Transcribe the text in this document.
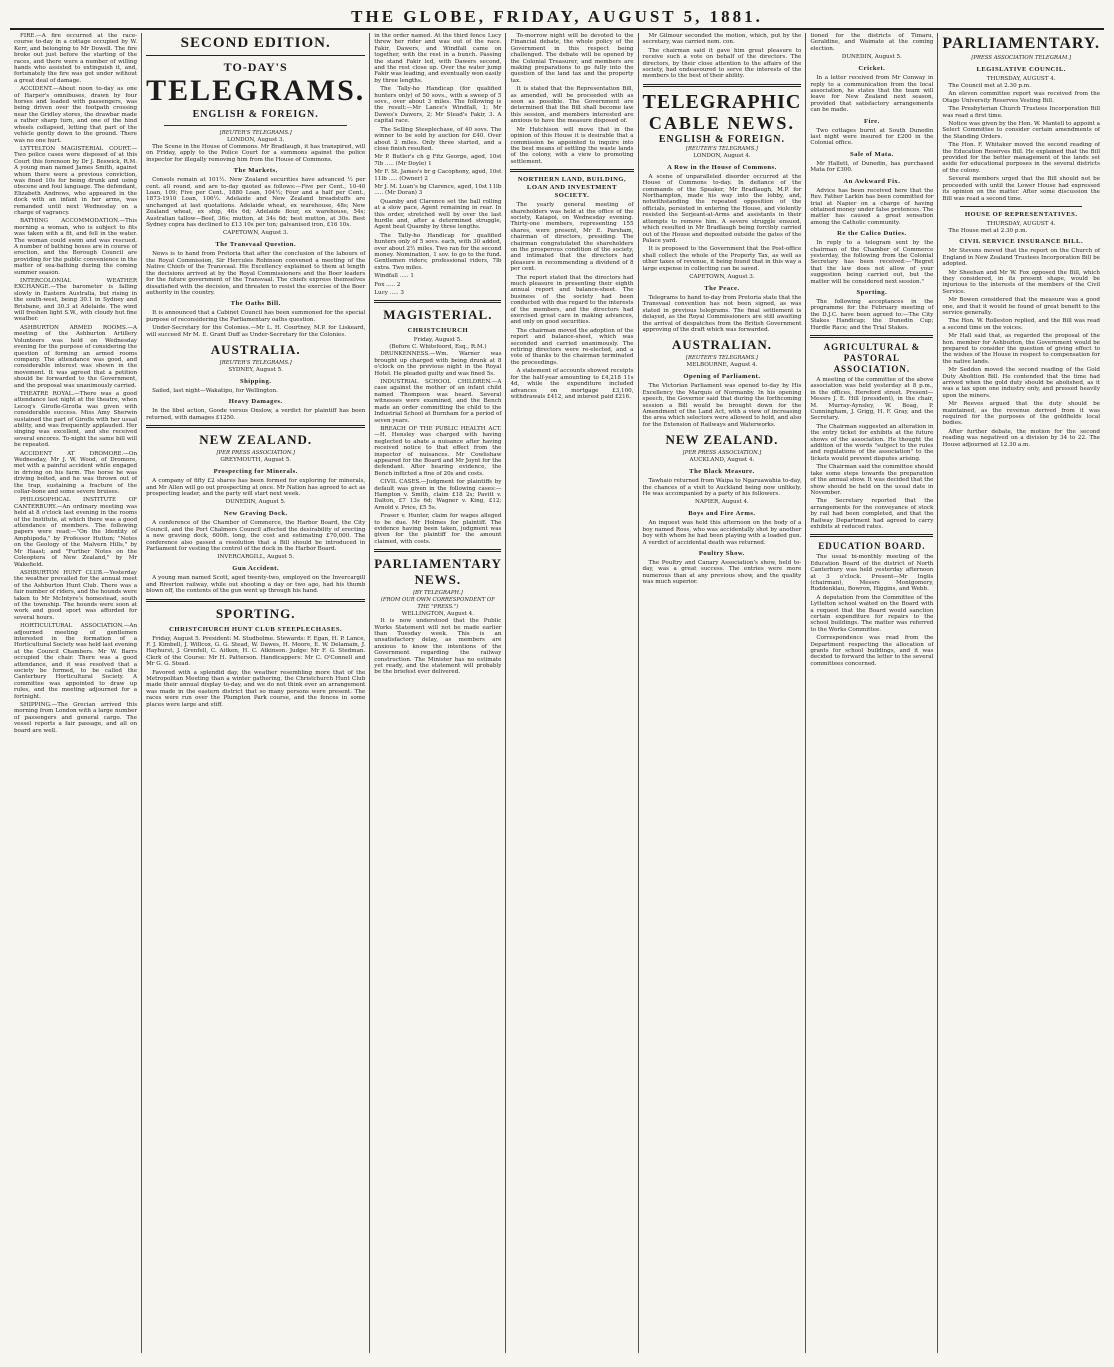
THE GLOBE, FRIDAY, AUGUST 5, 1881.

FIRE.—A fire occurred at the race-course to-day in a cottage occupied by W. Kerr, and belonging to Mr Dowell. The fire broke out just before the starting of the races, and there were a number of willing hands who assisted to extinguish it, and, fortunately the fire was got under without a great deal of damage.

ACCIDENT.—About noon to-day as one of Harper's omnibuses, drawn by four horses and loaded with passengers, was being driven over the footpath crossing near the Gridley stores, the drawbar made a rather sharp turn, and one of the hind wheels collapsed, letting that part of the vehicle gently down to the ground. There was no one hurt.

LYTTELTON MAGISTERIAL COURT.—Two police cases were disposed of at this Court this forenoon by Dr J. Beswick, R.M. A young man named James Smith, against whom there were a previous conviction, was fined 10s for being drunk and using obscene and foul language. The defendant, Elizabeth Andrews, who appeared in the dock with an infant in her arms, was remanded until next Wednesday on a charge of vagrancy.

BATHING ACCOMMODATION.—This morning a woman, who is subject to fits was taken with a fit, and fell in the water. The woman could swim and was rescued. A number of bathing boxes are in course of erection, and the Borough Council are providing for the public convenience in the matter of sea-bathing during the coming summer season.

INTERCOLONIAL WEATHER EXCHANGE.—The barometer is falling slowly in Eastern Australia, but rising in the south-west, being 30.1 in Sydney and Brisbane, and 30.3 at Adelaide. The wind will freshen light S.W., with cloudy but fine weather.

ASHBURTON ARMED ROOMS.—A meeting of the Ashburton Artillery Volunteers was held on Wednesday evening for the purpose of considering the question of forming an armed rooms company. The attendance was good, and considerable interest was shown in the movement. It was agreed that a petition should be forwarded to the Government, and the proposal was unanimously carried.

THEATRE ROYAL.—There was a good attendance last night at the theatre, when Lecoq's Girofle-Girofla was given with considerable success. Miss Amy Sherwin sustained the part of Girofle with her usual ability, and was frequently applauded. Her singing was excellent, and she received several encores. To-night the same bill will be repeated.

ACCIDENT AT DROMORE.—On Wednesday, Mr J. W. Wood, of Dromore, met with a painful accident while engaged in driving on his farm. The horse he was driving bolted, and he was thrown out of the trap, sustaining a fracture of the collar-bone and some severe bruises.

PHILOSOPHICAL INSTITUTE OF CANTERBURY.—An ordinary meeting was held at 8 o'clock last evening in the rooms of the Institute, at which there was a good attendance of members. The following papers were read:—"On the Identity of Amphipoda," by Professor Hutton; "Notes on the Geology of the Malvern Hills," by Mr Haast; and "Further Notes on the Coleoptera of New Zealand," by Mr Wakefield.

ASHBURTON HUNT CLUB.—Yesterday the weather prevailed for the annual meet of the Ashburton Hunt Club. There was a fair number of riders, and the hounds were taken to Mr McIntyre's homestead, south of the township. The hounds were soon at work and good sport was afforded for several hours.

HORTICULTURAL ASSOCIATION.—An adjourned meeting of gentlemen interested in the formation of a Horticultural Society was held last evening at the Council Chambers. Mr W. Barrs occupied the chair. There was a good attendance, and it was resolved that a society be formed, to be called the Canterbury Horticultural Society. A committee was appointed to draw up rules, and the meeting adjourned for a fortnight.

SHIPPING.—The Grecian arrived this morning from London with a large number of passengers and general cargo. The vessel reports a fair passage, and all on board are well.

SECOND EDITION.
TO-DAY'S
TELEGRAMS.
ENGLISH & FOREIGN.
[REUTER'S TELEGRAMS.]
LONDON, August 3.

The Scene in the House of Commons. Mr Bradlaugh, it has transpired, will on Friday, apply to the Police Court for a summons against the police inspector for illegally removing him from the House of Commons.

The Markets.

Consols remain at 101½. New Zealand securities have advanced ½ per cent. all round, and are to-day quoted as follows:—Five per Cent., 10-40 Loan, 109; Five per Cent., 1880 Loan, 104½; Four and a half per Cent., 1873-1910 Loan, 106½. Adelaide and New Zealand breadstuffs are unchanged at last quotations. Adelaide wheat, ex warehouse, 48s; New Zealand wheat, ex ship, 46s 6d; Adelaide flour, ex warehouse, 54s; Australian tallow—Beef, 36s; mutton, at 34s 6d; best mutton, at 30s. Best Sydney copra has declined to £13 10s per ton; galvanised iron, £16 10s.

CAPETOWN, August 3.
The Transvaal Question.

News is to hand from Pretoria that after the conclusion of the labours of the Royal Commission, Sir Hercules Robinson convened a meeting of the Native Chiefs of the Transvaal. His Excellency explained to them at length the decisions arrived at by the Royal Commissioners and the Boer leaders for the future government of the Transvaal. The chiefs express themselves dissatisfied with the decision, and threaten to resist the exercise of the Boer authority in the country.

The Oaths Bill.

It is announced that a Cabinet Council has been summoned for the special purpose of reconsidering the Parliamentary oaths question.

Under-Secretary for the Colonies.—Mr L. H. Courtney, M.P. for Liskeard, will succeed Mr M. E. Grant Duff as Under-Secretary for the Colonies.

AUSTRALIA.
[REUTER'S TELEGRAMS.]
SYDNEY, August 5.
Shipping.

Sailed, last night—Wakatipu, for Wellington.

Heavy Damages.

In the libel action, Goode versus Onslow, a verdict for plaintiff has been returned, with damages £1250.

NEW ZEALAND.
[PER PRESS ASSOCIATION.]
GREYMOUTH, August 5.
Prospecting for Minerals.

A company of fifty £2 shares has been formed for exploring for minerals, and Mr Allen will go out prospecting at once. Mr Nation has agreed to act as prospecting leader, and the party will start next week.

DUNEDIN, August 5.
New Graving Dock.

A conference of the Chamber of Commerce, the Harbor Board, the City Council, and the Port Chalmers Council affected the desirability of erecting a new graving dock, 600ft. long, the cost and estimating £70,000. The conference also passed a resolution that a Bill should be introduced in Parliament for vesting the control of the dock in the Harbor Board.

INVERCARGILL, August 5.
Gun Accident.

A young man named Scott, aged twenty-two, employed on the Invercargill and Riverton railway, while out shooting a day or two ago, had his thumb blown off, the contents of the gun went up through his hand.

SPORTING.
CHRISTCHURCH HUNT CLUB STEEPLECHASES.

Friday, August 5. President: M. Studholme. Stewards: F. Egan, H. P. Lance, F. J. Kimbell, J. Willcox, G. G. Stead, W. Dawes, H. Moore, E. W. Delamain, J. Hayhurst, J. Grenfell, C. Aitken, H. C. Atkinson. Judge: Mr F. G. Stedman. Clerk of the Course: Mr H. Patterson. Handicappers: Mr C. O'Connell and Mr G. G. Stead.

Favored with a splendid day, the weather resembling more that of the Metropolitan Meeting than a winter gathering, the Christchurch Hunt Club made their annual display to-day, and we do not think ever an arrangement was made in the eastern district that so many persons were present. The races were run over the Plumpton Park course, and the fences in some places were large and stiff.

in the order named. At the third fence Lucy threw her rider and was out of the race. Fakir, Dawers, and Windfall came on together, with the rest in a bunch. Passing the stand Fakir led, with Dawers second, and the rest close up. Over the water jump Fakir was leading, and eventually won easily by three lengths.

The Tally-ho Handicap (for qualified hunters only) of 50 sovs., with a sweep of 5 sovs., over about 3 miles. The following is the result:—Mr Lance's Windfall, 1; Mr Dawes's Dawers, 2; Mr Stead's Fakir, 3. A capital race.

The Selling Steeplechase, of 40 sovs. The winner to be sold by auction for £40. Over about 2 miles. Only three started, and a close finish resulted.

Mr P. Butler's ch g Fitz George, aged, 10st 7lb ..... (Mr Doyle) 1

Mr F. St. James's br g Cacophony, aged, 10st 11lb ..... (Owner) 2

Mr J. M. Luan's bg Clarence, aged, 10st 11lb ..... (Mr Doran) 3

Quamby and Clarence set the ball rolling at a slow pace, Agent remaining in rear. In this order, stretched well by over the last hurdle and, after a determined struggle, Agent beat Quamby by three lengths.

The Tally-ho Handicap for qualified hunters only of 5 sovs. each, with 30 added, over about 2½ miles. Two ran for the second money. Nomination, 1 sov. to go to the fund. Gentlemen riders; professional riders, 7lb extra. Two miles.

Windfall ..... 1

Fox ..... 2

Lucy ..... 3

MAGISTERIAL.
CHRISTCHURCH
Friday, August 5.
(Before C. Whitefoord, Esq., R.M.)

DRUNKENNESS.—Wm. Warner was brought up charged with being drunk at 8 o'clock on the previous night in the Royal Hotel. He pleaded guilty and was fined 5s.

INDUSTRIAL SCHOOL CHILDREN.—A case against the mother of an infant child named Thompson was heard. Several witnesses were examined, and the Bench made an order committing the child to the Industrial School at Burnham for a period of seven years.

BREACH OF THE PUBLIC HEALTH ACT.—H. Hensley was charged with having neglected to abate a nuisance after having received notice to that effect from the inspector of nuisances. Mr Cowlishaw appeared for the Board and Mr Joynt for the defendant. After hearing evidence, the Bench inflicted a fine of 20s and costs.

CIVIL CASES.—Judgment for plaintiffs by default was given in the following cases:—Hampton v. Smith, claim £18 2s; Pavitt v. Dalton, £7 13s 6d; Wagner v. King, £12; Arnold v. Price, £5 5s.

Fraser v. Hunter, claim for wages alleged to be due. Mr Holmes for plaintiff. The evidence having been taken, judgment was given for the plaintiff for the amount claimed, with costs.

PARLIAMENTARY NEWS.
[BY TELEGRAPH.]
(FROM OUR OWN CORRESPONDENT OF THE "PRESS.")
WELLINGTON, August 4.

It is now understood that the Public Works Statement will not be made earlier than Tuesday week. This is an unsatisfactory delay, as members are anxious to know the intentions of the Government regarding the railway construction. The Minister has no estimate yet ready, and the statement will probably be the briefest ever delivered.

To-morrow night will be devoted to the Financial debate, the whole policy of the Government in this respect being challenged. The debate will be opened by the Colonial Treasurer, and members are making preparations to go fully into the question of the land tax and the property tax.

It is stated that the Representation Bill, as amended, will be proceeded with as soon as possible. The Government are determined that the Bill shall become law this session, and members interested are anxious to have the measure disposed of.

Mr Hutchison will move that in the opinion of this House it is desirable that a commission be appointed to inquire into the best means of settling the waste lands of the colony, with a view to promoting settlement.

NORTHERN LAND, BUILDING, LOAN AND INVESTMENT SOCIETY.

The yearly general meeting of shareholders was held at the office of the society, Kaiapoi, on Wednesday evening. Thirty-one members, representing 155 shares, were present, Mr E. Parsham, chairman of directors, presiding. The chairman congratulated the shareholders on the prosperous condition of the society, and intimated that the directors had pleasure in recommending a dividend of 8 per cent.

The report stated that the directors had much pleasure in presenting their eighth annual report and balance-sheet. The business of the society had been conducted with due regard to the interests of the members, and the directors had exercised great care in making advances, and only on good securities.

The chairman moved the adoption of the report and balance-sheet, which was seconded and carried unanimously. The retiring directors were re-elected, and a vote of thanks to the chairman terminated the proceedings.

A statement of accounts showed receipts for the half-year amounting to £4,218 11s 4d, while the expenditure included advances on mortgage £3,100, withdrawals £412, and interest paid £216.

Mr Gilmour seconded the motion, which, put by the secretary, was carried nem. con.

The chairman said it gave him great pleasure to receive such a vote on behalf of the directors. The directors, by their close attention to the affairs of the society, had endeavoured to serve the interests of the members to the best of their ability.

TELEGRAPHIC
CABLE NEWS.
ENGLISH & FOREIGN.
[REUTER'S TELEGRAMS.]
LONDON, August 4.
A Row in the House of Commons.

A scene of unparalleled disorder occurred at the House of Commons to-day. In defiance of the commands of the Speaker, Mr Bradlaugh, M.P. for Northampton, made his way into the lobby, and, notwithstanding the repeated opposition of the officials, persisted in entering the House, and violently resisted the Serjeant-at-Arms and assistants in their attempts to remove him. A severe struggle ensued, which resulted in Mr Bradlaugh being forcibly carried out of the House and deposited outside the gates of the Palace yard.

It is proposed to the Government that the Post-office shall collect the whole of the Property Tax, as well as other taxes of revenue, it being found that in this way a large expense in collecting can be saved.

CAPETOWN, August 3.
The Peace.

Telegrams to hand to-day from Pretoria state that the Transvaal convention has not been signed, as was stated in previous telegrams. The final settlement is delayed, as the Royal Commissioners are still awaiting the arrival of despatches from the British Government approving of the draft which was forwarded.

AUSTRALIAN.
[REUTER'S TELEGRAMS.]
MELBOURNE, August 4.
Opening of Parliament.

The Victorian Parliament was opened to-day by His Excellency the Marquis of Normanby. In his opening speech, the Governor said that during the forthcoming session a Bill would be brought down for the Amendment of the Land Act, with a view of increasing the area which selectors were allowed to hold, and also for the Extension of Railways and Waterworks.

NEW ZEALAND.
[PER PRESS ASSOCIATION.]
AUCKLAND, August 4.
The Black Measure.

Tawhaio returned from Waipa to Ngaruawahia to-day, the chances of a visit to Auckland being now unlikely. He was accompanied by a party of his followers.

NAPIER, August 4.
Boys and Fire Arms.

An inquest was held this afternoon on the body of a boy named Ross, who was accidentally shot by another boy with whom he had been playing with a loaded gun. A verdict of accidental death was returned.

Poultry Show.

The Poultry and Canary Association's show, held to-day, was a great success. The entries were more numerous than at any previous show, and the quality was much superior.

tioned for the districts of Timaru, Geraldine, and Waimate at the coming election.

DUNEDIN, August 5.
Cricket.

In a letter received from Mr Conway in reply to a communication from the local association, he states that the team will leave for New Zealand next season, provided that satisfactory arrangements can be made.

Fire.

Two cottages burnt at South Dunedin last night were insured for £200 in the Colonial office.

Sale of Mata.

Mr Hallett, of Dunedin, has purchased Mata for £300.

An Awkward Fix.

Advice has been received here that the Rev. Father Larkin has been committed for trial at Napier on a charge of having obtained money under false pretences. The matter has caused a great sensation among the Catholic community.

Re the Calico Duties.

In reply to a telegram sent by the chairman of the Chamber of Commerce yesterday, the following from the Colonial Secretary has been received:—"Regret that the law does not allow of your suggestion being carried out, but the matter will be considered next session."

Sporting.

The following acceptances in the programme for the February meeting of the D.J.C. have been agreed to:—The City Stakes Handicap; the Dunedin Cup; Hurdle Race; and the Trial Stakes.

AGRICULTURAL & PASTORAL ASSOCIATION.

A meeting of the committee of the above association was held yesterday at 8 p.m., in the offices, Hereford street. Present—Messrs J. E. Hill (president), in the chair, M. Murray-Aynsley, W. Boag, P. Cunningham, J. Grigg, H. F. Gray, and the Secretary.

The Chairman suggested an alteration in the entry ticket for exhibits at the future shows of the association. He thought the addition of the words "subject to the rules and regulations of the association" to the tickets would prevent disputes arising.

The Chairman said the committee should take some steps towards the preparation of the annual show. It was decided that the show should be held on the usual date in November.

The Secretary reported that the arrangements for the conveyance of stock by rail had been completed, and that the Railway Department had agreed to carry exhibits at reduced rates.

EDUCATION BOARD.

The usual bi-monthly meeting of the Education Board of the district of North Canterbury was held yesterday afternoon at 3 o'clock. Present—Mr Inglis (chairman), Messrs Montgomery, Ruddenklau, Bowron, Higgins, and Webb.

A deputation from the Committee of the Lyttelton school waited on the Board with a request that the Board would sanction certain expenditure for repairs to the school buildings. The matter was referred to the Works Committee.

Correspondence was read from the Department respecting the allocation of grants for school buildings, and it was decided to forward the letter to the several committees concerned.

PARLIAMENTARY.
[PRESS ASSOCIATION TELEGRAM.]
LEGISLATIVE COUNCIL.
THURSDAY, AUGUST 4.

The Council met at 2.30 p.m.

An eleven committee report was received from the Otago University Reserves Vesting Bill.

The Presbyterian Church Trustees Incorporation Bill was read a first time.

Notice was given by the Hon. W. Mantell to appoint a Select Committee to consider certain amendments of the Standing Orders.

The Hon. F. Whitaker moved the second reading of the Education Reserves Bill. He explained that the Bill provided for the better management of the lands set aside for educational purposes in the several districts of the colony.

Several members urged that the Bill should not be proceeded with until the Lower House had expressed its opinion on the matter. After some discussion the Bill was read a second time.

HOUSE OF REPRESENTATIVES.
THURSDAY, AUGUST 4.

The House met at 2.30 p.m.

CIVIL SERVICE INSURANCE BILL.

Mr Stevens moved that the report on the Church of England in New Zealand Trustees Incorporation Bill be adopted.

Mr Sheehan and Mr W. Fox opposed the Bill, which they considered, in its present shape, would be injurious to the interests of the members of the Civil Service.

Mr Bowen considered that the measure was a good one, and that it would be found of great benefit to the service generally.

The Hon. W. Rolleston replied, and the Bill was read a second time on the voices.

Mr Hall said that, as regarded the proposal of the hon. member for Ashburton, the Government would be prepared to consider the question of giving effect to the wishes of the House in respect to compensation for the native lands.

Mr Seddon moved the second reading of the Gold Duty Abolition Bill. He contended that the time had arrived when the gold duty should be abolished, as it was a tax upon one industry only, and pressed heavily upon the miners.

Mr Reeves argued that the duty should be maintained, as the revenue derived from it was required for the purposes of the goldfields local bodies.

After further debate, the motion for the second reading was negatived on a division by 34 to 22. The House adjourned at 12.30 a.m.
